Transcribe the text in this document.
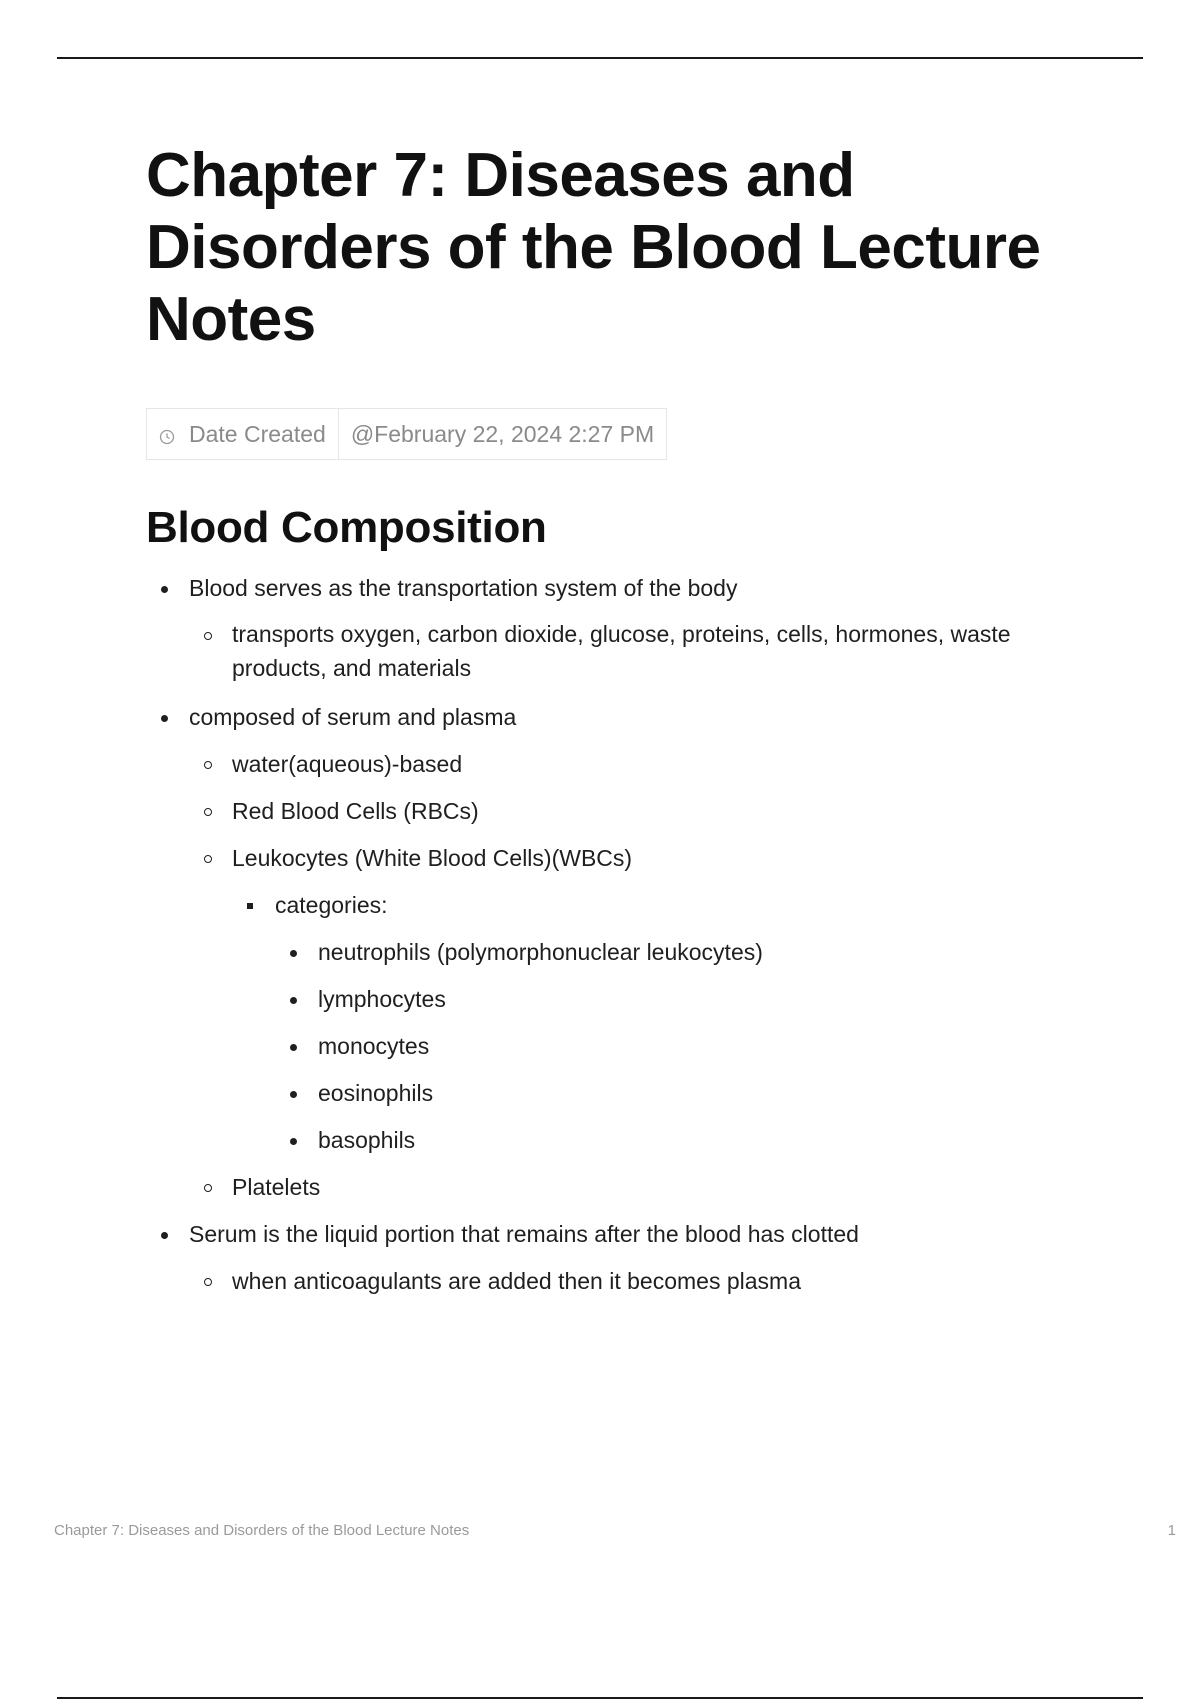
Chapter 7: Diseases and Disorders of the Blood Lecture Notes
Date Created @February 22, 2024 2:27 PM
Blood Composition
Blood serves as the transportation system of the body
transports oxygen, carbon dioxide, glucose, proteins, cells, hormones, waste products, and materials
composed of serum and plasma
water(aqueous)-based
Red Blood Cells (RBCs)
Leukocytes (White Blood Cells)(WBCs)
categories:
neutrophils (polymorphonuclear leukocytes)
lymphocytes
monocytes
eosinophils
basophils
Platelets
Serum is the liquid portion that remains after the blood has clotted
when anticoagulants are added then it becomes plasma
Chapter 7: Diseases and Disorders of the Blood Lecture Notes	1
